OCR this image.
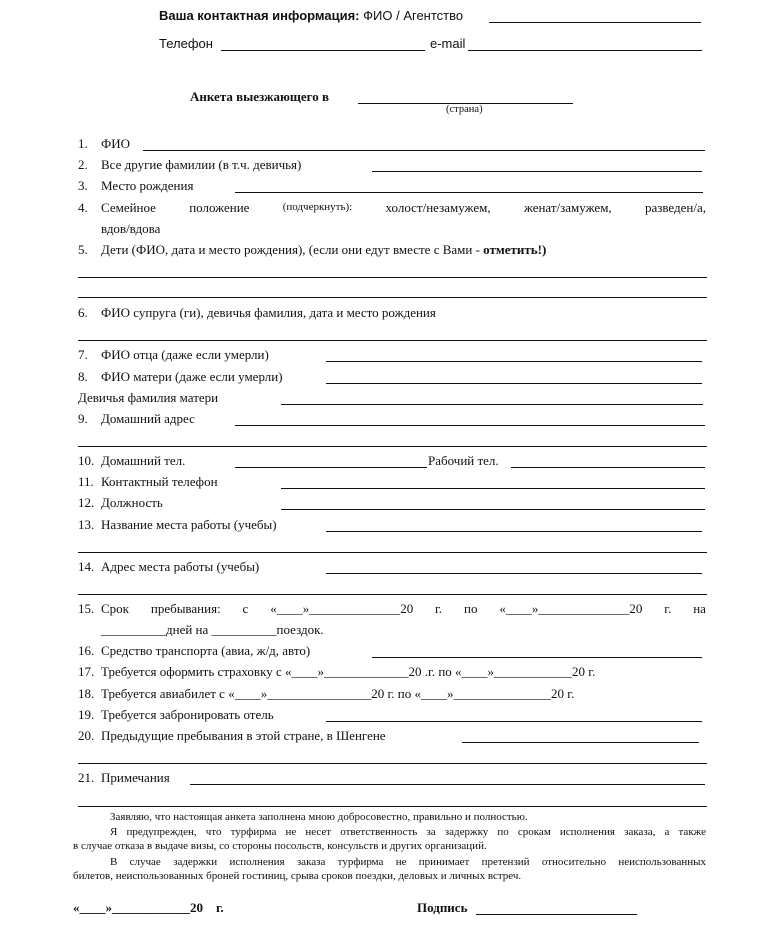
Ваша контактная информация: ФИО / Агентство
Телефон	e-mail
Анкета выезжающего в
(страна)
1. ФИО
2. Все другие фамилии (в т.ч. девичья)
3. Место рождения
4. Семейное	положение	(подчеркнуть):	холост/незамужем,	женат/замужем,	разведен/а,
вдов/вдова
5. Дети (ФИО, дата и место рождения), (если они едут вместе с Вами - отметить!)
6. ФИО супруга (ги), девичья фамилия, дата и место рождения
7. ФИО отца (даже если умерли)
8. ФИО матери (даже если умерли)
Девичья фамилия матери
9. Домашний адрес
10. Домашний тел.	Рабочий тел.
11. Контактный телефон
12. Должность
13. Название места работы (учебы)
14. Адрес места работы (учебы)
15. Срок пребывания: с «____»______________20 г. по «____»______________20 г. на
__________дней на __________поездок.
16. Средство транспорта (авиа, ж/д, авто)
17. Требуется оформить страховку с «____»_____________20 .г. по «____»____________20 г.
18. Требуется авиабилет с «____»________________20 г. по «____»_______________20 г.
19. Требуется забронировать отель
20. Предыдущие пребывания в этой стране, в Шенгене
21. Примечания
Заявляю, что настоящая анкета заполнена мною добросовестно, правильно и полностью.
Я предупрежден, что турфирма не несет ответственность за задержку по срокам исполнения заказа, а также
в случае отказа в выдаче визы, со стороны посольств, консульств и других организаций.
В случае задержки исполнения заказа турфирма не принимает претензий относительно неиспользованных
билетов, неиспользованных броней гостиниц, срыва сроков поездки, деловых и личных встреч.
«____»____________20    г.	Подпись
